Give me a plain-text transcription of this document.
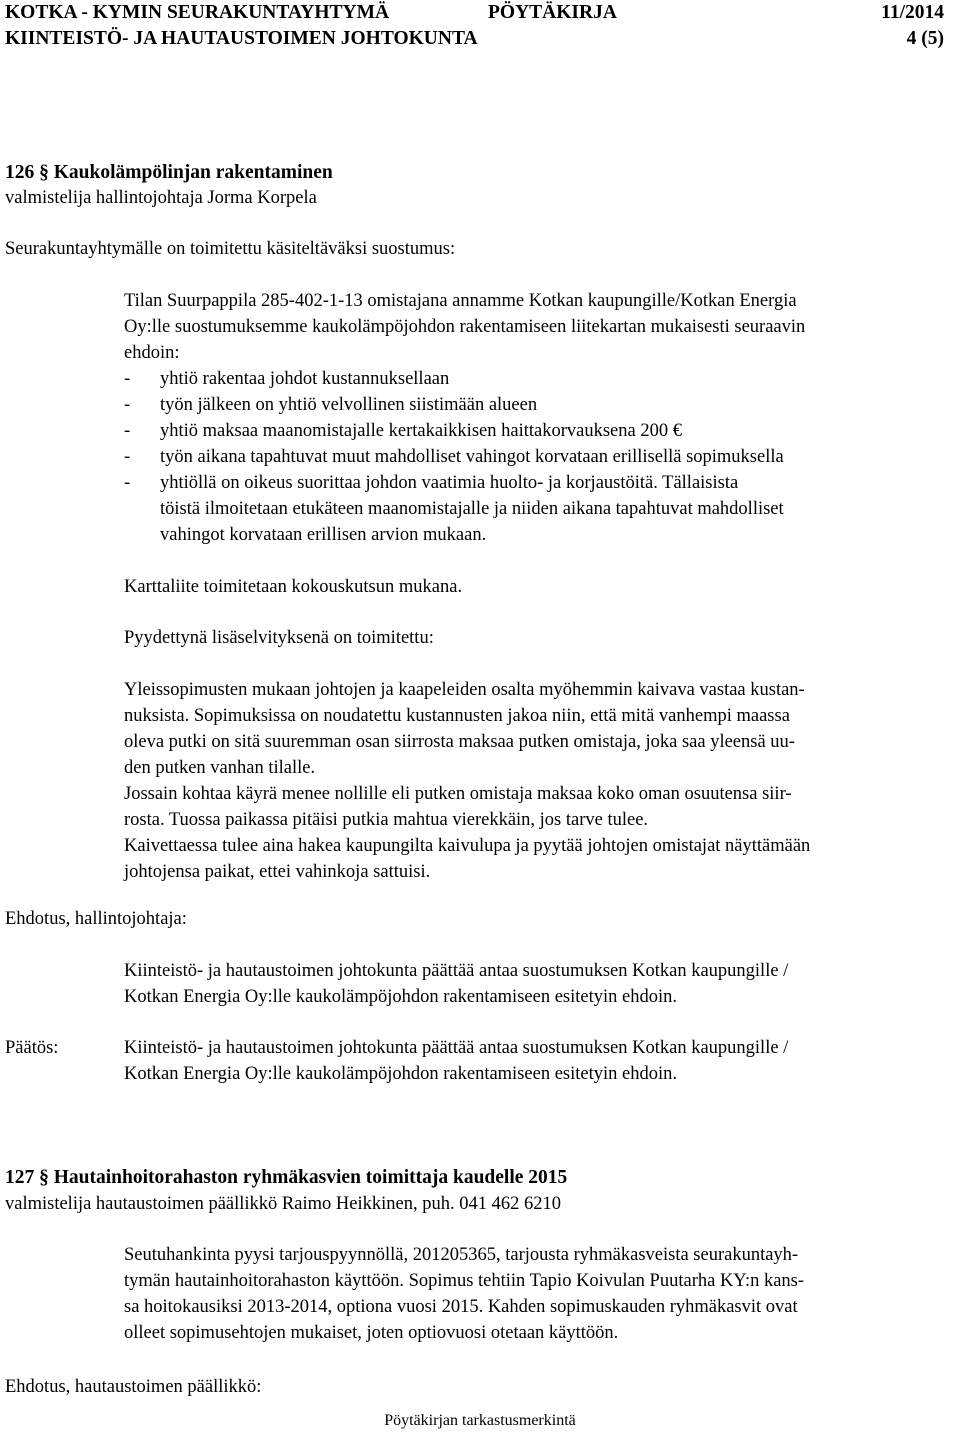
KOTKA - KYMIN SEURAKUNTAYHTYMÄ	PÖYTÄKIRJA	11/2014
KIINTEISTÖ- JA HAUTAUSTOIMEN JOHTOKUNTA	4 (5)
126 § Kaukolämpölinjan rakentaminen
valmistelija hallintojohtaja Jorma Korpela
Seurakuntayhtymälle on toimitettu käsiteltäväksi suostumus:

Tilan Suurpappila 285-402-1-13 omistajana annamme Kotkan kaupungille/Kotkan Energia

Oy:lle suostumuksemme kaukolämpöjohdon rakentamiseen liitekartan mukaisesti seuraavin

ehdoin:

-	yhtiö rakentaa johdot kustannuksellaan
-	työn jälkeen on yhtiö velvollinen siistimään alueen
-	yhtiö maksaa maanomistajalle kertakaikkisen haittakorvauksena 200 €
-	työn aikana tapahtuvat muut mahdolliset vahingot korvataan erillisellä sopimuksella
-	yhtiöllä on oikeus suorittaa johdon vaatimia huolto- ja korjaustöitä. Tällaisista

töistä ilmoitetaan etukäteen maanomistajalle ja niiden aikana tapahtuvat mahdolliset

vahingot korvataan erillisen arvion mukaan.

Karttaliite toimitetaan kokouskutsun mukana.
Pyydettynä lisäselvityksenä on toimitettu:

Yleissopimusten mukaan johtojen ja kaapeleiden osalta myöhemmin kaivava vastaa kustan-

nuksista. Sopimuksissa on noudatettu kustannusten jakoa niin, että mitä vanhempi maassa

oleva putki on sitä suuremman osan siirrosta maksaa putken omistaja, joka saa yleensä uu-

den putken vanhan tilalle.

Jossain kohtaa käyrä menee nollille eli putken omistaja maksaa koko oman osuutensa siir-

rosta. Tuossa paikassa pitäisi putkia mahtua vierekkäin, jos tarve tulee.

Kaivettaessa tulee aina hakea kaupungilta kaivulupa ja pyytää johtojen omistajat näyttämään

johtojensa paikat, ettei vahinkoja sattuisi.

Ehdotus, hallintojohtaja:

Kiinteistö- ja hautaustoimen johtokunta päättää antaa suostumuksen Kotkan kaupungille /

Kotkan Energia Oy:lle kaukolämpöjohdon rakentamiseen esitetyin ehdoin.

Päätös:	Kiinteistö- ja hautaustoimen johtokunta päättää antaa suostumuksen Kotkan kaupungille /

Kotkan Energia Oy:lle kaukolämpöjohdon rakentamiseen esitetyin ehdoin.

127 § Hautainhoitorahaston ryhmäkasvien toimittaja kaudelle 2015
valmistelija hautaustoimen päällikkö Raimo Heikkinen, puh. 041 462 6210

Seutuhankinta pyysi tarjouspyynnöllä, 201205365, tarjousta ryhmäkasveista seurakuntayh-

tymän hautainhoitorahaston käyttöön. Sopimus tehtiin Tapio Koivulan Puutarha KY:n kans-

sa hoitokausiksi 2013-2014, optiona vuosi 2015. Kahden sopimuskauden ryhmäkasvit ovat

olleet sopimusehtojen mukaiset, joten optiovuosi otetaan käyttöön.

Ehdotus, hautaustoimen päällikkö:
Pöytäkirjan tarkastusmerkintä
